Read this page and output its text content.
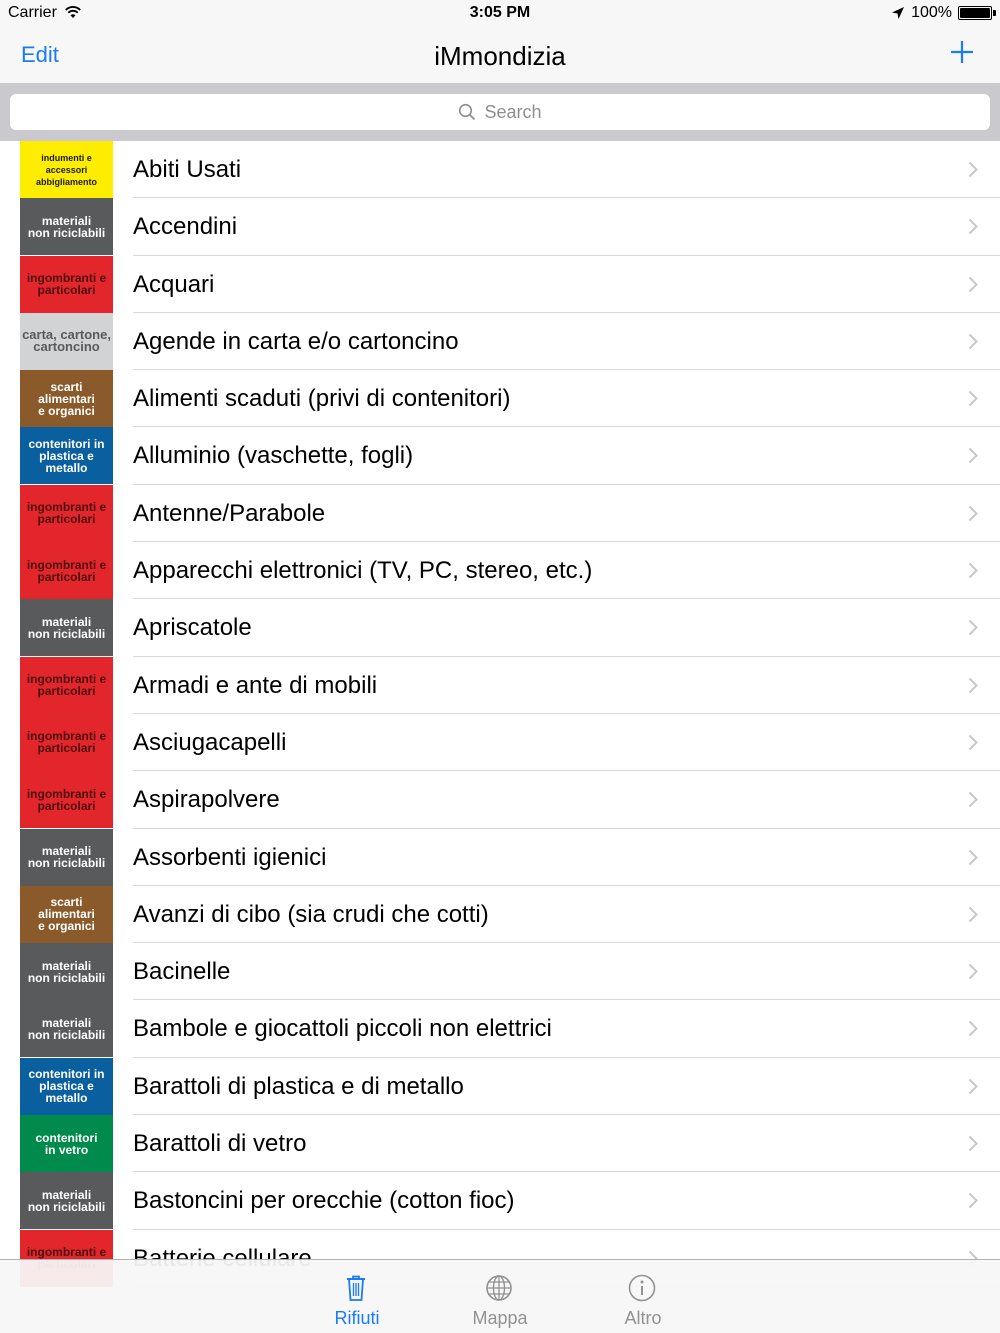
Carrier	3:05 PM	100%
Edit	iMmondizia
Search
indumenti e accessori
abbigliamento	Abiti Usati
materiali
non riciclabili	Accendini
ingombranti e
particolari	Acquari
carta, cartone,
cartoncino	Agende in carta e/o cartoncino
scarti alimentari
e organici	Alimenti scaduti (privi di contenitori)
contenitori in
plastica e metallo	Alluminio (vaschette, fogli)
ingombranti e
particolari	Antenne/Parabole
ingombranti e
particolari	Apparecchi elettronici (TV, PC, stereo, etc.)
materiali
non riciclabili	Apriscatole
ingombranti e
particolari	Armadi e ante di mobili
ingombranti e
particolari	Asciugacapelli
ingombranti e
particolari	Aspirapolvere
materiali
non riciclabili	Assorbenti igienici
scarti alimentari
e organici	Avanzi di cibo (sia crudi che cotti)
materiali
non riciclabili	Bacinelle
materiali
non riciclabili	Bambole e giocattoli piccoli non elettrici
contenitori in
plastica e metallo	Barattoli di plastica e di metallo
contenitori
in vetro	Barattoli di vetro
materiali
non riciclabili	Bastoncini per orecchie (cotton fioc)
ingombranti e

Rifiuti	Mappa	Altro
